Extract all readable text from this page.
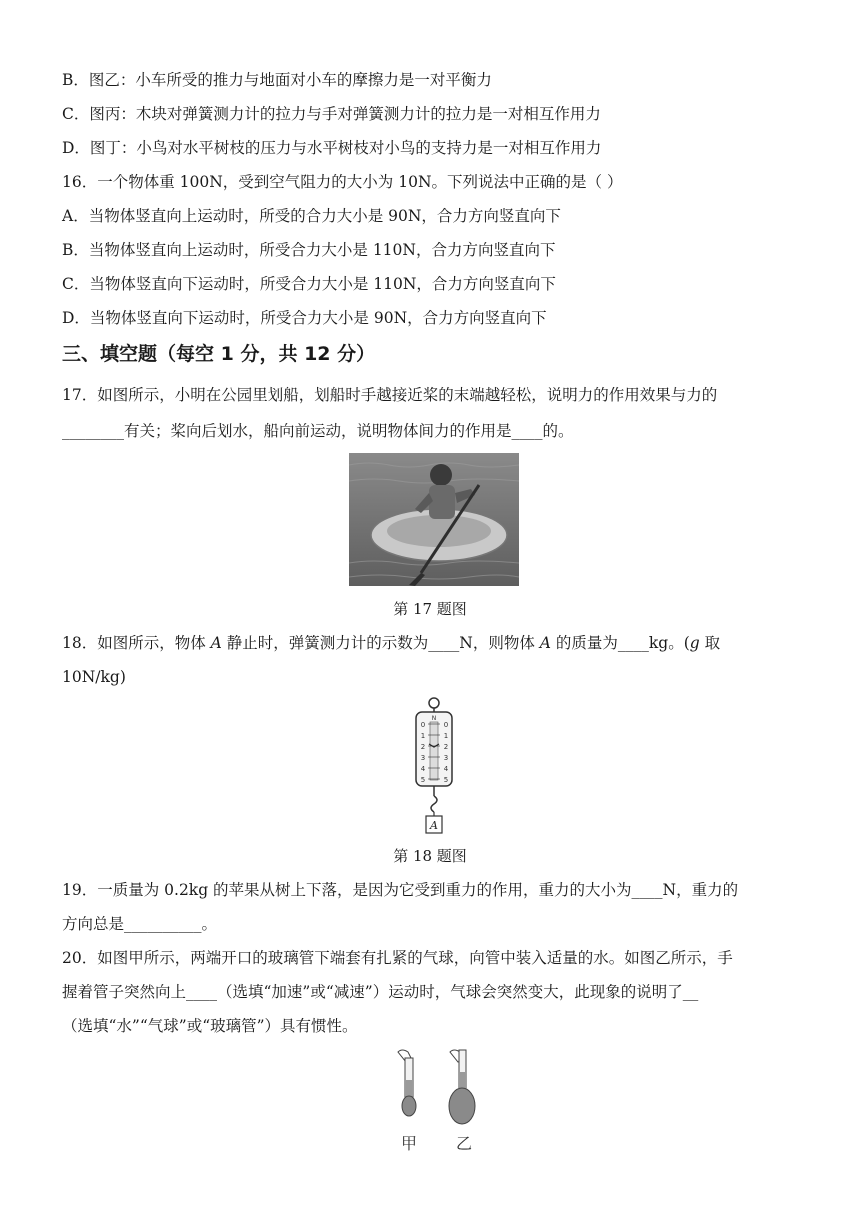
B．图乙：小车所受的推力与地面对小车的摩擦力是一对平衡力
C．图丙：木块对弹簧测力计的拉力与手对弹簧测力计的拉力是一对相互作用力
D．图丁：小鸟对水平树枝的压力与水平树枝对小鸟的支持力是一对相互作用力
16．一个物体重 100N，受到空气阻力的大小为 10N。下列说法中正确的是（ ）
A．当物体竖直向上运动时，所受的合力大小是 90N，合力方向竖直向下
B．当物体竖直向上运动时，所受合力大小是 110N，合力方向竖直向下
C．当物体竖直向下运动时，所受合力大小是 110N，合力方向竖直向下
D．当物体竖直向下运动时，所受合力大小是 90N，合力方向竖直向下
三、填空题（每空 1 分，共 12 分）
17．如图所示，小明在公园里划船，划船时手越接近桨的末端越轻松，说明力的作用效果与力的
________有关；桨向后划水，船向前运动，说明物体间力的作用是____的。
第 17 题图
18．如图所示，物体 𝐴 静止时，弹簧测力计的示数为____N，则物体 𝐴 的质量为____kg。(𝑔 取
10N/kg)
N
0
1
2
3
4
5
0
1
2
3
4
5
A
第 18 题图
19．一质量为 0.2kg 的苹果从树上下落，是因为它受到重力的作用，重力的大小为____N，重力的
方向总是__________。
20．如图甲所示，两端开口的玻璃管下端套有扎紧的气球，向管中装入适量的水。如图乙所示，手
握着管子突然向上____（选填“加速”或“减速”）运动时，气球会突然变大，此现象的说明了__
（选填“水”“气球”或“玻璃管”）具有惯性。
甲 乙
